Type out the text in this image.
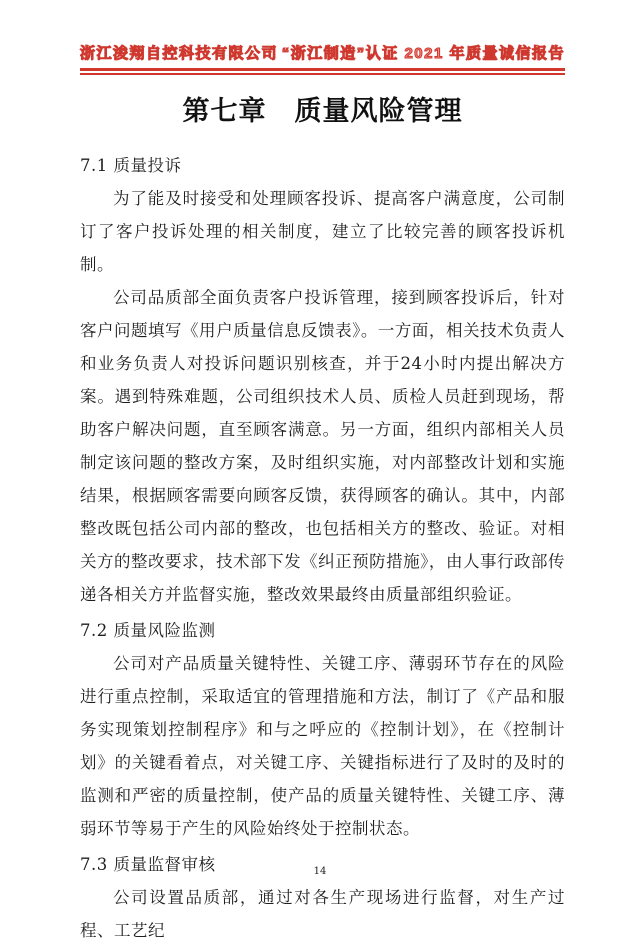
浙江浚翔自控科技有限公司 “浙江制造”认证 2021 年质量诚信报告
第七章　质量风险管理
7.1 质量投诉

为了能及时接受和处理顾客投诉、提高客户满意度，公司制订了客户投诉处理的相关制度，建立了比较完善的顾客投诉机制。

公司品质部全面负责客户投诉管理，接到顾客投诉后，针对客户问题填写《用户质量信息反馈表》。一方面，相关技术负责人和业务负责人对投诉问题识别核查，并于24小时内提出解决方案。遇到特殊难题，公司组织技术人员、质检人员赶到现场，帮助客户解决问题，直至顾客满意。另一方面，组织内部相关人员制定该问题的整改方案，及时组织实施，对内部整改计划和实施结果，根据顾客需要向顾客反馈，获得顾客的确认。其中，内部整改既包括公司内部的整改，也包括相关方的整改、验证。对相关方的整改要求，技术部下发《纠正预防措施》，由人事行政部传递各相关方并监督实施，整改效果最终由质量部组织验证。

7.2 质量风险监测

公司对产品质量关键特性、关键工序、薄弱环节存在的风险进行重点控制，采取适宜的管理措施和方法，制订了《产品和服务实现策划控制程序》和与之呼应的《控制计划》，在《控制计划》的关键看着点，对关键工序、关键指标进行了及时的及时的监测和严密的质量控制，使产品的质量关键特性、关键工序、薄弱环节等易于产生的风险始终处于控制状态。

7.3 质量监督审核

公司设置品质部，通过对各生产现场进行监督，对生产过程、工艺纪

14
